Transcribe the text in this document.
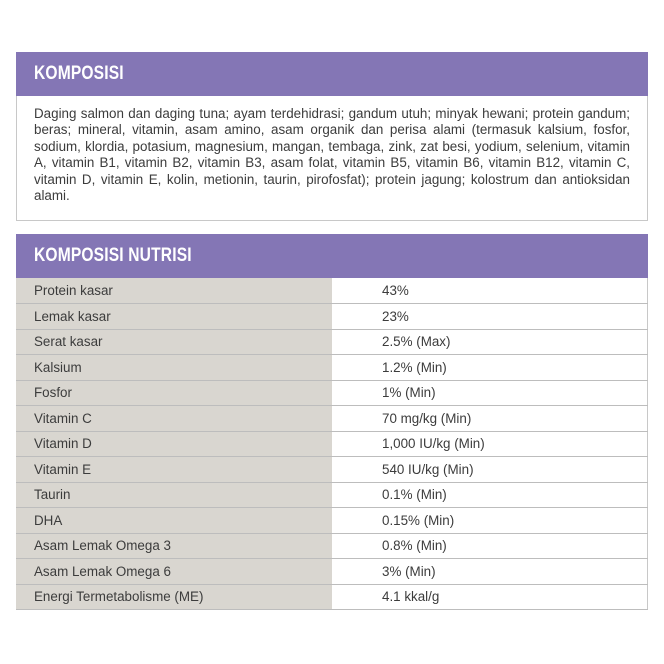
KOMPOSISI
Daging salmon dan daging tuna; ayam terdehidrasi; gandum utuh; minyak hewani; protein gandum; beras; mineral, vitamin, asam amino, asam organik dan perisa alami (termasuk kalsium, fosfor, sodium, klordia, potasium, magnesium, mangan, tembaga, zink, zat besi, yodium, selenium, vitamin A, vitamin B1, vitamin B2, vitamin B3, asam folat, vitamin B5, vitamin B6, vitamin B12, vitamin C, vitamin D, vitamin E, kolin, metionin, taurin, pirofosfat); protein jagung; kolostrum dan antioksidan alami.
KOMPOSISI NUTRISI
Protein kasar	43%
Lemak kasar	23%
Serat kasar	2.5% (Max)
Kalsium	1.2% (Min)
Fosfor	1% (Min)
Vitamin C	70 mg/kg (Min)
Vitamin D	1,000 IU/kg (Min)
Vitamin E	540 IU/kg (Min)
Taurin	0.1% (Min)
DHA	0.15% (Min)
Asam Lemak Omega 3	0.8% (Min)
Asam Lemak Omega 6	3% (Min)
Energi Termetabolisme (ME)	4.1 kkal/g
